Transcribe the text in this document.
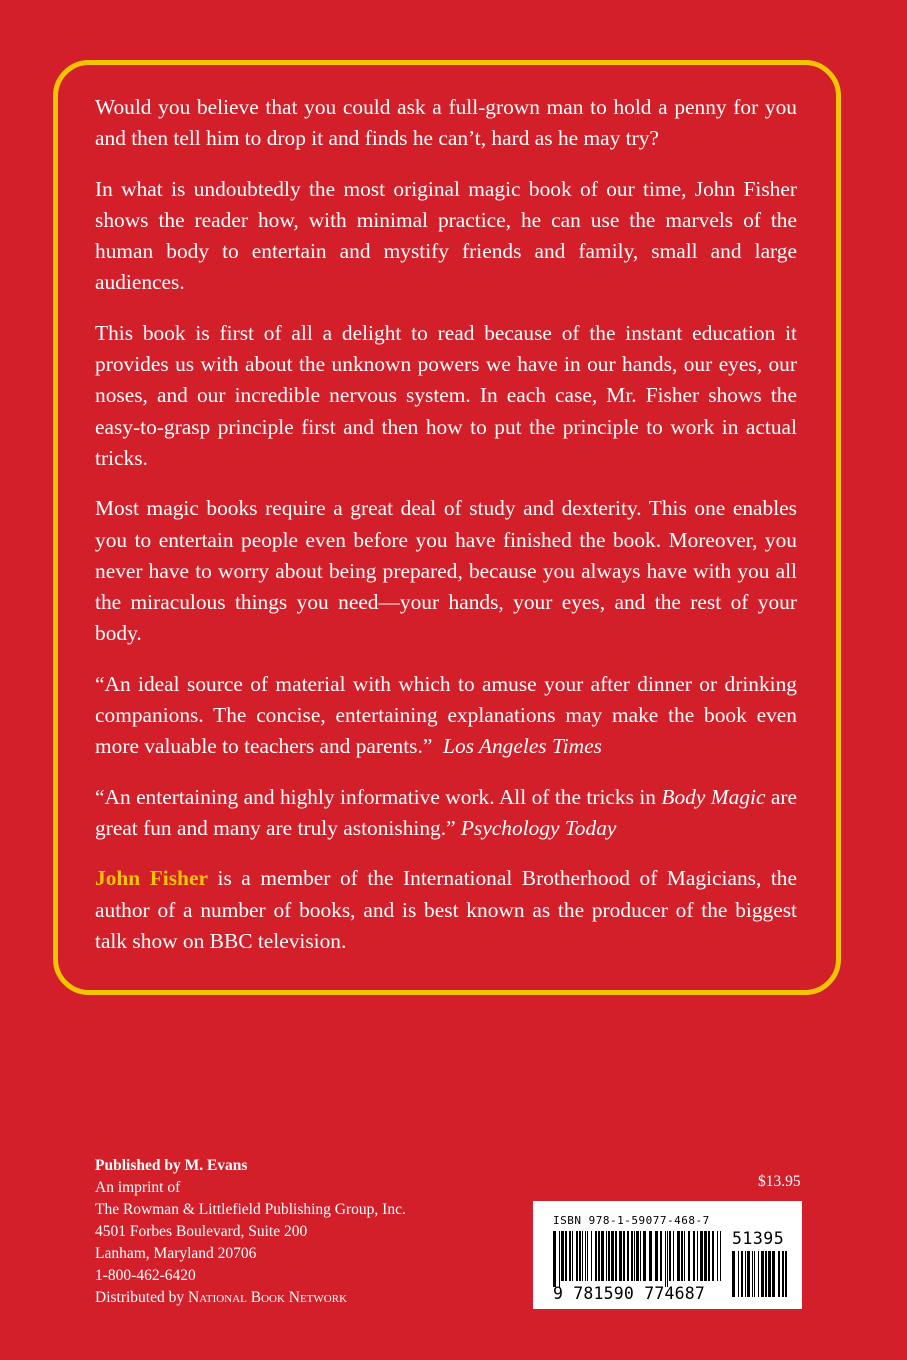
Would you believe that you could ask a full-grown man to hold a penny for you and then tell him to drop it and finds he can’t, hard as he may try?

In what is undoubtedly the most original magic book of our time, John Fisher shows the reader how, with minimal practice, he can use the marvels of the human body to entertain and mystify friends and family, small and large audiences.

This book is first of all a delight to read because of the instant education it provides us with about the unknown powers we have in our hands, our eyes, our noses, and our incredible nervous system. In each case, Mr. Fisher shows the easy-to-grasp principle first and then how to put the principle to work in actual tricks.

Most magic books require a great deal of study and dexterity. This one enables you to entertain people even before you have finished the book. Moreover, you never have to worry about being prepared, because you always have with you all the miraculous things you need—your hands, your eyes, and the rest of your body.

“An ideal source of material with which to amuse your after dinner or drinking companions. The concise, entertaining explanations may make the book even more valuable to teachers and parents.” Los Angeles Times

“An entertaining and highly informative work. All of the tricks in Body Magic are great fun and many are truly astonishing.” Psychology Today

John Fisher is a member of the International Brotherhood of Magicians, the author of a number of books, and is best known as the producer of the biggest talk show on BBC television.

Published by M. Evans
An imprint of
The Rowman & Littlefield Publishing Group, Inc.
4501 Forbes Boulevard, Suite 200
Lanham, Maryland 20706
1-800-462-6420
Distributed by National Book Network
$13.95
ISBN 978-1-59077-468-7
9 781590 774687
51395
